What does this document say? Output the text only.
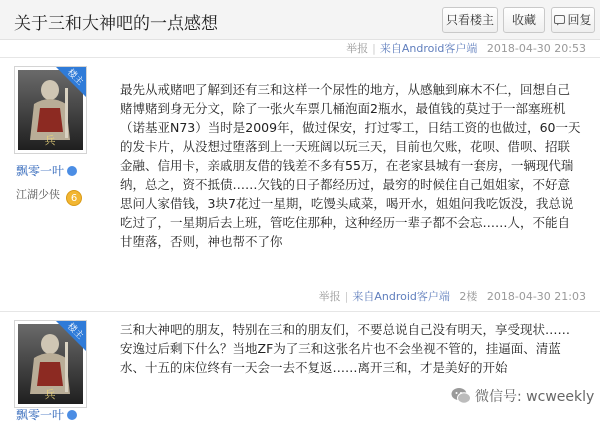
关于三和大神吧的一点感想	只看楼主	收藏	回复
举报 | 来自Android客户端 2018-04-30 20:53
兵
楼主
飘零一叶
江湖少侠 6
最先从戒赌吧了解到还有三和这样一个尿性的地方，从感触到麻木不仁，回想自己赌博赌到身无分文，除了一张火车票几桶泡面2瓶水，最值钱的莫过于一部塞班机（诺基亚N73）当时是2009年，做过保安，打过零工，日结工资的也做过，60一天的发卡片，从没想过堕落到上一天班阔以玩三天，目前也欠账，花呗、借呗、招联金融、信用卡，亲戚朋友借的钱差不多有55万，在老家县城有一套房，一辆现代瑞纳，总之，资不抵债……欠钱的日子都经历过，最穷的时候住自己姐姐家，不好意思问人家借钱，3块7花过一星期，吃馒头咸菜，喝开水，姐姐问我吃饭没，我总说吃过了，一星期后去上班，管吃住那种，这种经历一辈子都不会忘……人，不能自甘堕落，否则，神也帮不了你
举报 | 来自Android客户端 2楼 2018-04-30 21:03
兵
楼主
飘零一叶
三和大神吧的朋友，特别在三和的朋友们，不要总说自己没有明天，享受现状……安逸过后剩下什么？当地ZF为了三和这张名片也不会坐视不管的，挂逼面、清蓝水、十五的床位终有一天会一去不复返……离开三和，才是美好的开始
微信号: wcweekly
